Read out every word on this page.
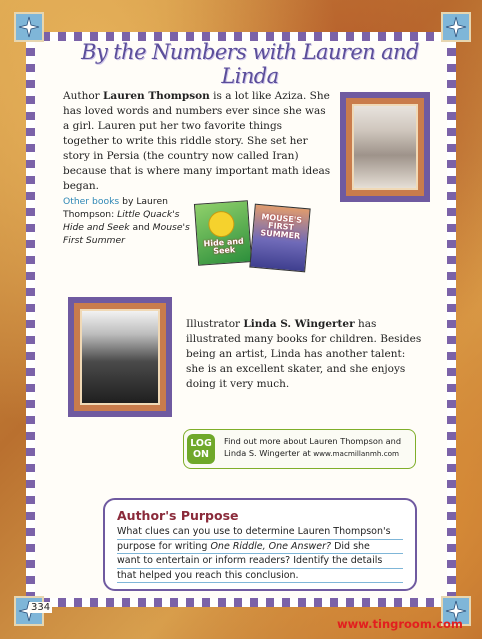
By the Numbers with Lauren and Linda

Author Lauren Thompson is a lot like Aziza. She has loved words and numbers ever since she was a girl. Lauren put her two favorite things together to write this riddle story. She set her story in Persia (the country now called Iran) because that is where many important math ideas began.

Other books by Lauren Thompson: Little Quack's Hide and Seek and Mouse's First Summer	Hide and Seek
MOUSE'S FIRST SUMMER

Illustrator Linda S. Wingerter has illustrated many books for children. Besides being an artist, Linda has another talent: she is an excellent skater, and she enjoys doing it very much.

LOG
ON
Find out more about Lauren Thompson and Linda S. Wingerter at www.macmillanmh.com
Author's Purpose
What clues can you use to determine Lauren Thompson's
purpose for writing One Riddle, One Answer? Did she
want to entertain or inform readers? Identify the details
that helped you reach this conclusion.
334
www.tingroom.com
